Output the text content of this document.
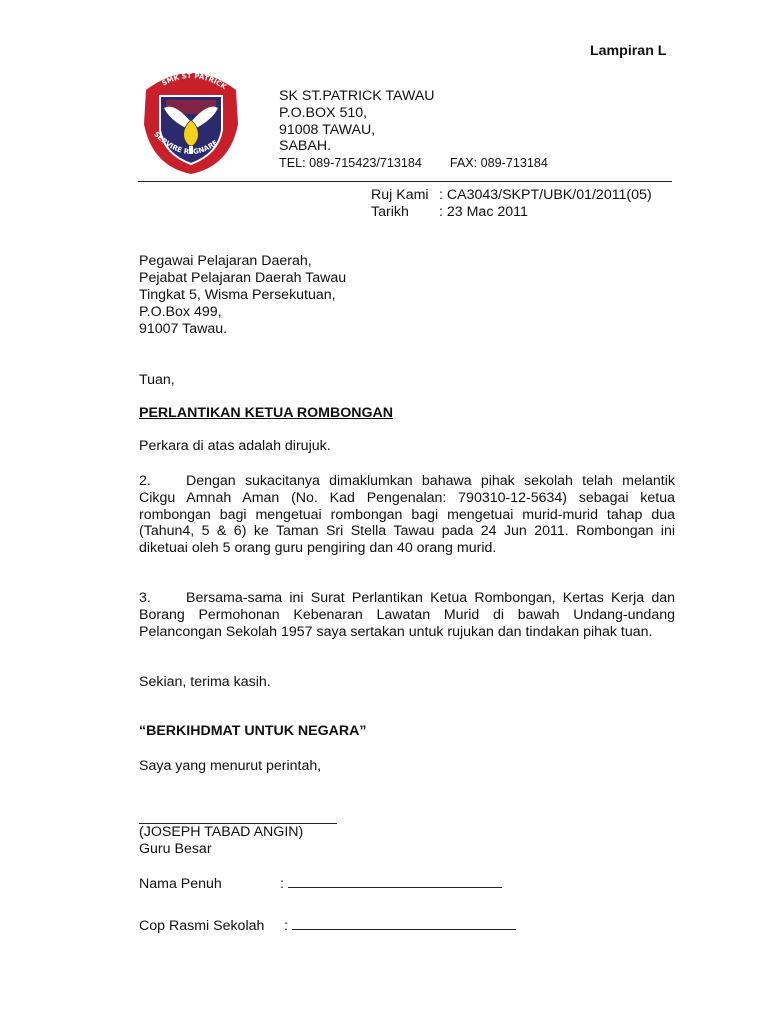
Lampiran L
SMK ST PATRICK
SERVIRE REGNARE
SK ST.PATRICK TAWAU
P.O.BOX 510,
91008 TAWAU,
SABAH.
TEL: 089-715423/713184 FAX: 089-713184
Ruj Kami : CA3043/SKPT/UBK/01/2011(05)
Tarikh : 23 Mac 2011
Pegawai Pelajaran Daerah,
Pejabat Pelajaran Daerah Tawau
Tingkat 5, Wisma Persekutuan,
P.O.Box 499,
91007 Tawau.
Tuan,
PERLANTIKAN KETUA ROMBONGAN
Perkara di atas adalah dirujuk.
2. Dengan sukacitanya dimaklumkan bahawa pihak sekolah telah melantik Cikgu Amnah Aman (No. Kad Pengenalan: 790310-12-5634) sebagai ketua rombongan bagi mengetuai rombongan bagi mengetuai murid-murid tahap dua (Tahun4, 5 & 6) ke Taman Sri Stella Tawau pada 24 Jun 2011. Rombongan ini diketuai oleh 5 orang guru pengiring dan 40 orang murid.
3. Bersama-sama ini Surat Perlantikan Ketua Rombongan, Kertas Kerja dan Borang Permohonan Kebenaran Lawatan Murid di bawah Undang-undang Pelancongan Sekolah 1957 saya sertakan untuk rujukan dan tindakan pihak tuan.
Sekian, terima kasih.
“BERKIHDMAT UNTUK NEGARA”
Saya yang menurut perintah,
(JOSEPH TABAD ANGIN)
Guru Besar
Nama Penuh	:
Cop Rasmi Sekolah :
